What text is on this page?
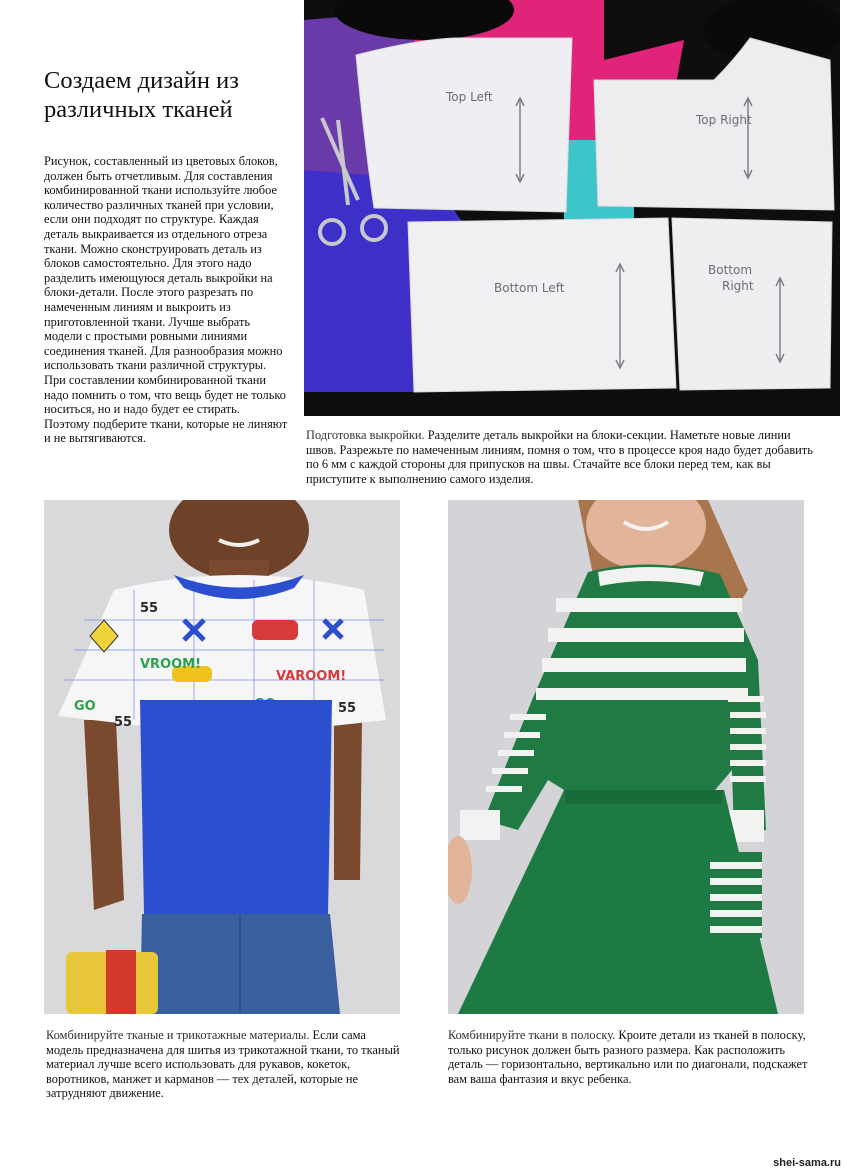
Создаем дизайн из различных тканей

Рисунок, составленный из цветовых блоков, должен быть отчетливым. Для составления комбинированной ткани используйте любое количество различных тканей при условии, если они подходят по структуре. Каждая деталь выкраивается из отдельного отреза ткани. Можно сконструировать деталь из блоков самостоятельно. Для этого надо разделить имеющуюся деталь выкройки на блоки-детали. После этого разрезать по намеченным линиям и выкроить из приготовленной ткани. Лучше выбрать модели с простыми ровными линиями соединения тканей. Для разнообразия можно использовать ткани различной структуры. При составлении комбинированной ткани надо помнить о том, что вещь будет не только носиться, но и надо будет ее стирать. Поэтому подберите ткани, которые не линяют и не вытягиваются.

Top Left
Top Right
Bottom Left
Bottom
Right

Подготовка выкройки. Разделите деталь выкройки на блоки-секции. Наметьте новые линии швов. Разрежьте по намеченным линиям, помня о том, что в процессе кроя надо будет добавить по 6 мм с каждой стороны для припусков на швы. Стачайте все блоки перед тем, как вы приступите к выполнению самого изделия.

55
VROOM!
VAROOM!
GO
55
55

Комбинируйте тканые и трикотажные материалы. Если сама модель предназначена для шитья из трикотажной ткани, то тканый материал лучше всего использовать для рукавов, кокеток, воротников, манжет и карманов — тех деталей, которые не затрудняют движение.

Комбинируйте ткани в полоску. Кроите детали из тканей в полоску, только рисунок должен быть разного размера. Как расположить деталь — горизонтально, вертикально или по диагонали, подскажет вам ваша фантазия и вкус ребенка.

shei-sama.ru
